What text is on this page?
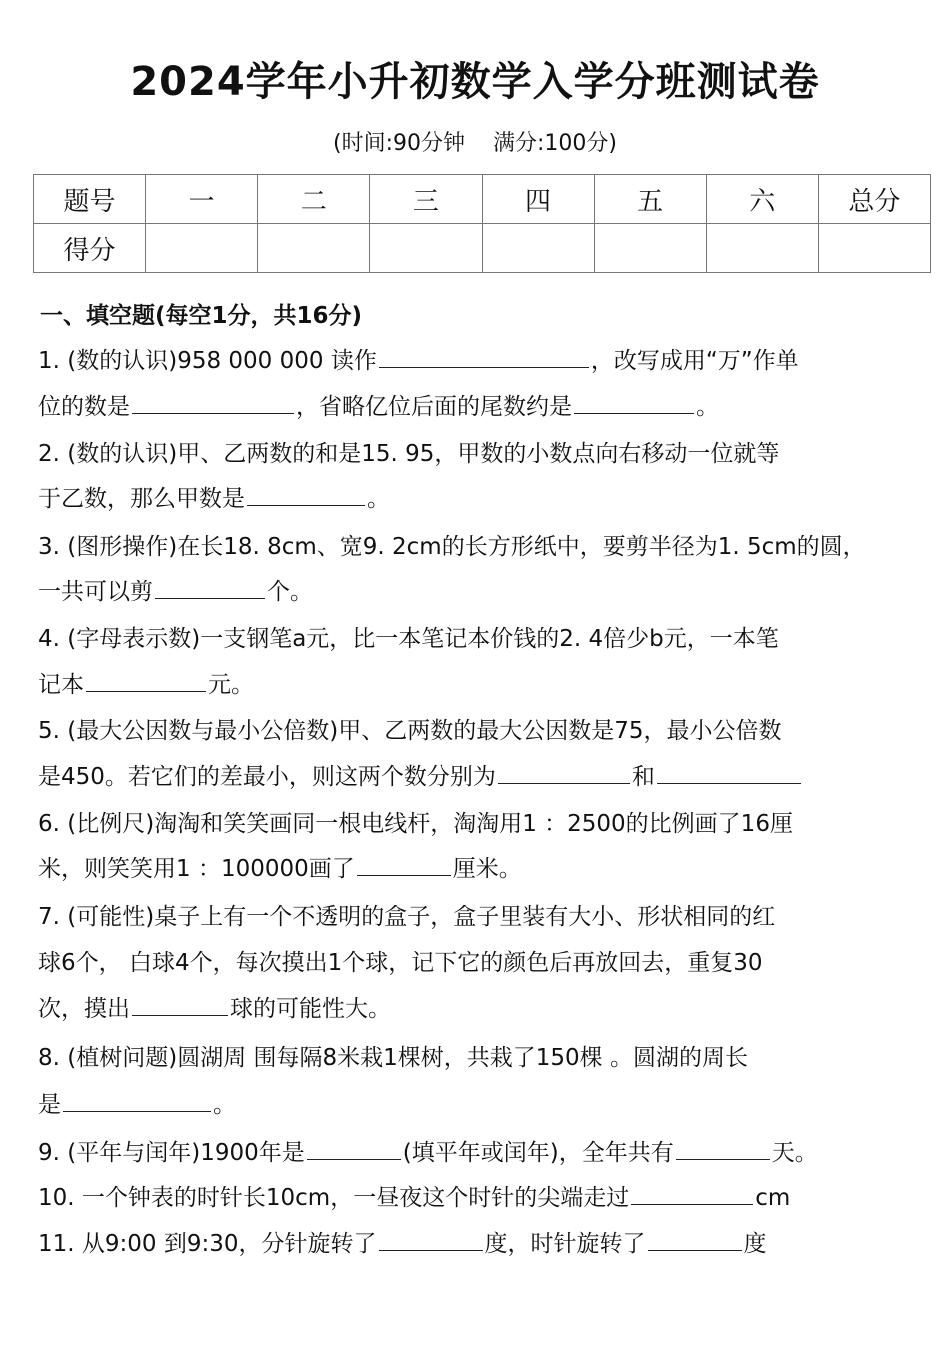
2024学年小升初数学入学分班测试卷
(时间:90分钟 满分:100分)
题号	一	二	三	四	五	六	总分
得分							
一、填空题(每空1分，共16分)
1. (数的认识)958 000 000 读作	，改写成用“万”作单
位的数是	，省略亿位后面的尾数约是	。
2. (数的认识)甲、乙两数的和是15. 95，甲数的小数点向右移动一位就等
于乙数，那么甲数是	。
3. (图形操作)在长18. 8cm、宽9. 2cm的长方形纸中，要剪半径为1. 5cm的圆，
一共可以剪	个。
4. (字母表示数)一支钢笔a元，比一本笔记本价钱的2. 4倍少b元，一本笔
记本	元。
5. (最大公因数与最小公倍数)甲、乙两数的最大公因数是75，最小公倍数
是450。若它们的差最小，则这两个数分别为	和
6. (比例尺)淘淘和笑笑画同一根电线杆，淘淘用1 ：2500的比例画了16厘
米，则笑笑用1 ：100000画了	厘米。
7. (可能性)桌子上有一个不透明的盒子，盒子里装有大小、形状相同的红
球6个， 白球4个，每次摸出1个球，记下它的颜色后再放回去，重复30
次，摸出	球的可能性大。
8. (植树问题)圆湖周 围每隔8米栽1棵树，共栽了150棵 。圆湖的周长
是	。
9. (平年与闰年)1900年是	(填平年或闰年)，全年共有	天。
10. 一个钟表的时针长10cm，一昼夜这个时针的尖端走过	cm
11. 从9:00 到9:30，分针旋转了	度，时针旋转了	度
